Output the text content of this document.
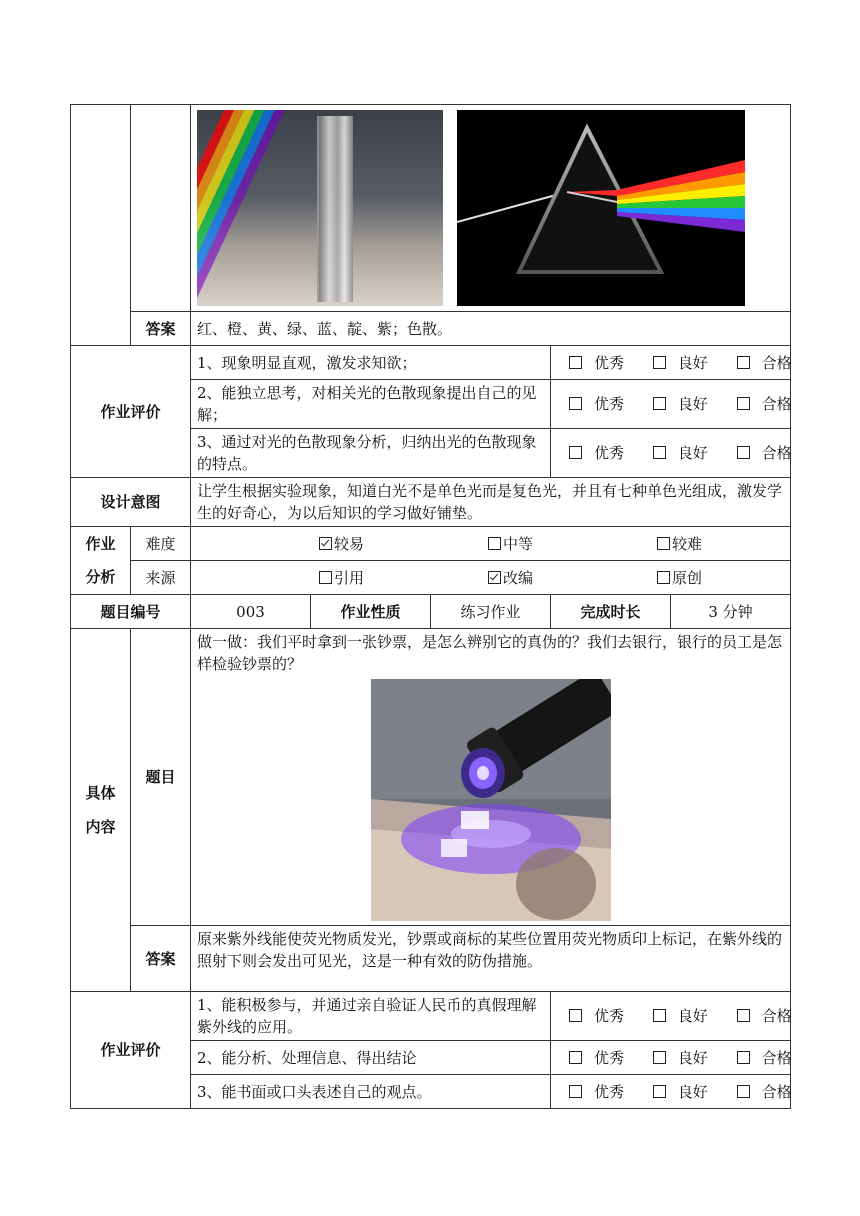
	答案	红、橙、黄、绿、蓝、靛、紫；色散。				
作业评价		1、现象明显直观，激发求知欲；			优秀 良好 合格	
		2、能独立思考，对相关光的色散现象提出自己的见解；			优秀 良好 合格	
		3、通过对光的色散现象分析，归纳出光的色散现象的特点。			优秀 良好 合格	
设计意图		让学生根据实验现象，知道白光不是单色光而是复色光，并且有七种单色光组成，激发学生的好奇心，为以后知识的学习做好铺垫。				
作业	难度	较易 中等 较难				

分析	来源	引用 改编 原创				

题目编号		003	作业性质	练习作业	完成时长	3 分钟

具体
内容	题目	做一做：我们平时拿到一张钞票，是怎么辨别它的真伪的？我们去银行，银行的员工是怎样检验钞票的？				

	答案	原来紫外线能使荧光物质发光，钞票或商标的某些位置用荧光物质印上标记，在紫外线的照射下则会发出可见光，这是一种有效的防伪措施。				
作业评价		1、能积极参与，并通过亲自验证人民币的真假理解紫外线的应用。			优秀 良好 合格	
		2、能分析、处理信息、得出结论			优秀 良好 合格	
		3、能书面或口头表述自己的观点。			优秀 良好 合格	
